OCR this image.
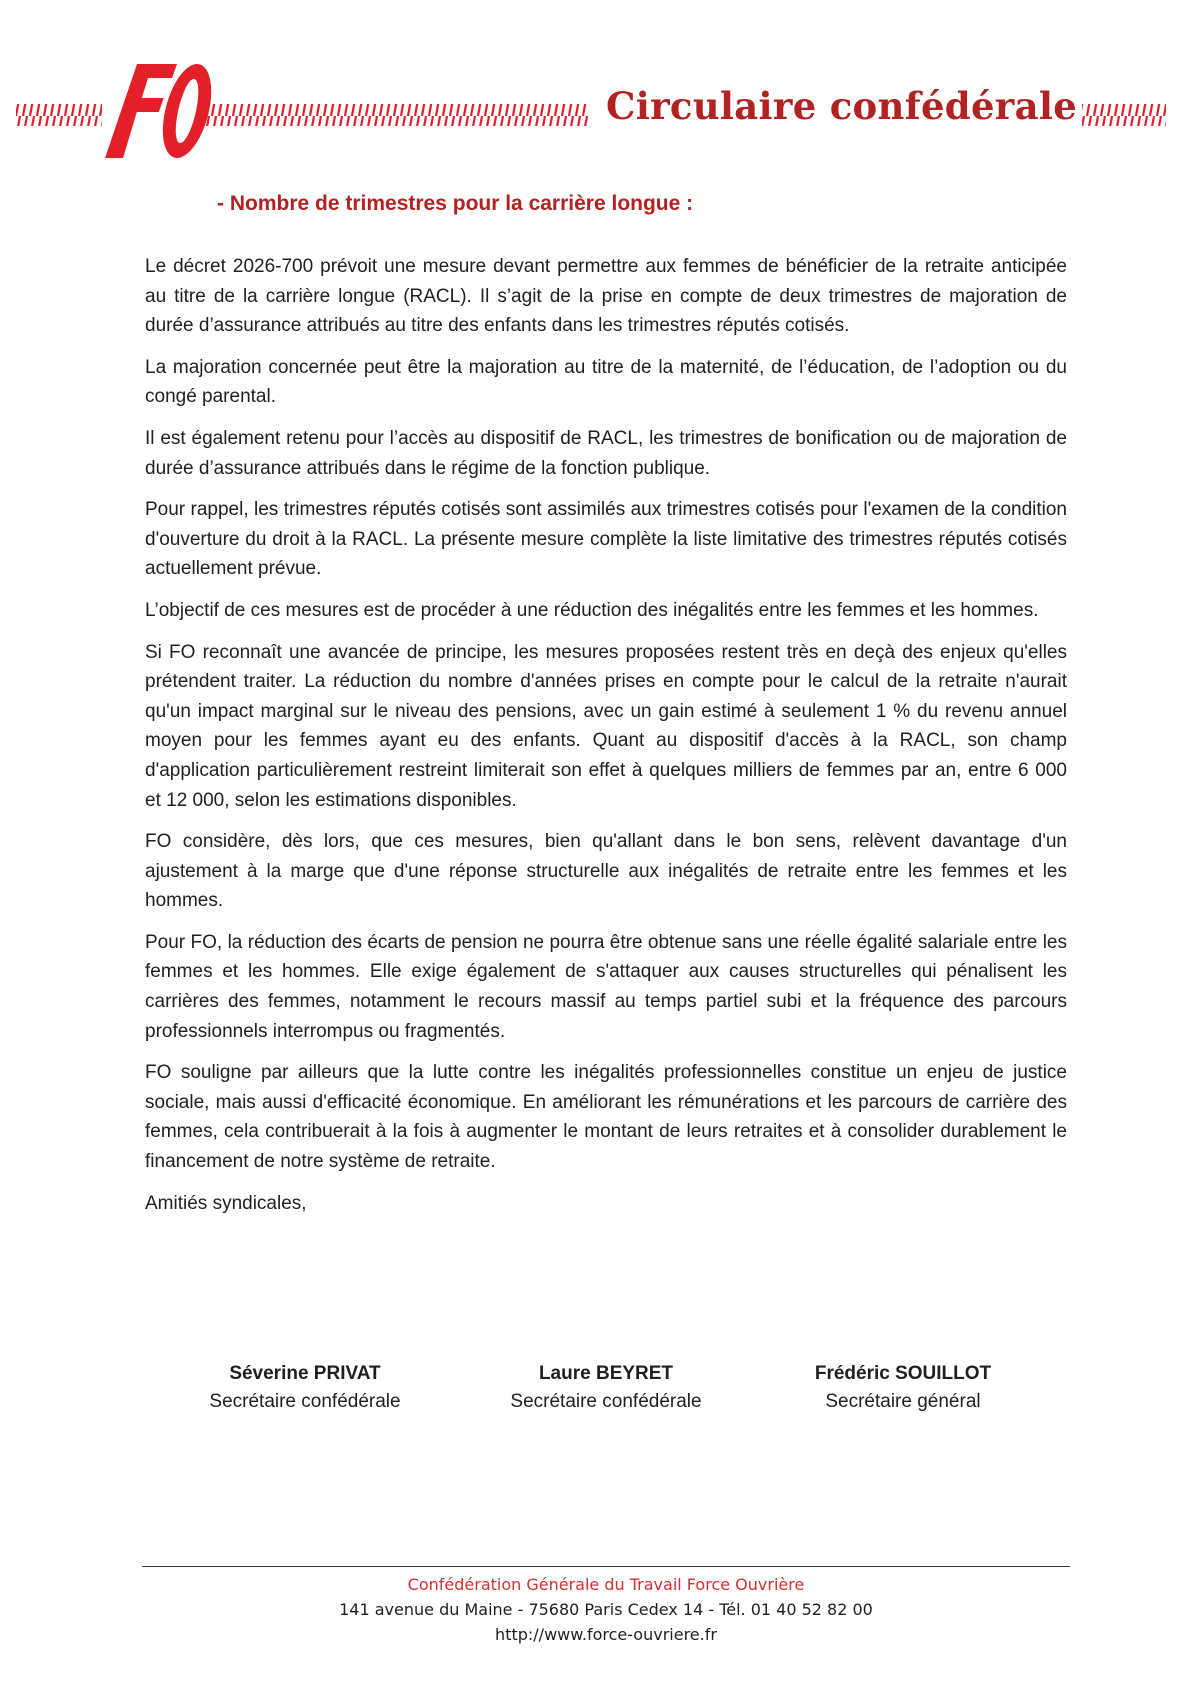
Circulaire confédérale
- Nombre de trimestres pour la carrière longue :

Le décret 2026-700 prévoit une mesure devant permettre aux femmes de bénéficier de la retraite anticipée au titre de la carrière longue (RACL). Il s’agit de la prise en compte de deux trimestres de majoration de durée d’assurance attribués au titre des enfants dans les trimestres réputés cotisés.

La majoration concernée peut être la majoration au titre de la maternité, de l’éducation, de l’adoption ou du congé parental.

Il est également retenu pour l’accès au dispositif de RACL, les trimestres de bonification ou de majoration de durée d’assurance attribués dans le régime de la fonction publique.

Pour rappel, les trimestres réputés cotisés sont assimilés aux trimestres cotisés pour l'examen de la condition d'ouverture du droit à la RACL. La présente mesure complète la liste limitative des trimestres réputés cotisés actuellement prévue.

L’objectif de ces mesures est de procéder à une réduction des inégalités entre les femmes et les hommes.

Si FO reconnaît une avancée de principe, les mesures proposées restent très en deçà des enjeux qu'elles prétendent traiter. La réduction du nombre d'années prises en compte pour le calcul de la retraite n'aurait qu'un impact marginal sur le niveau des pensions, avec un gain estimé à seulement 1 % du revenu annuel moyen pour les femmes ayant eu des enfants. Quant au dispositif d'accès à la RACL, son champ d'application particulièrement restreint limiterait son effet à quelques milliers de femmes par an, entre 6 000 et 12 000, selon les estimations disponibles.

FO considère, dès lors, que ces mesures, bien qu'allant dans le bon sens, relèvent davantage d'un ajustement à la marge que d'une réponse structurelle aux inégalités de retraite entre les femmes et les hommes.

Pour FO, la réduction des écarts de pension ne pourra être obtenue sans une réelle égalité salariale entre les femmes et les hommes. Elle exige également de s'attaquer aux causes structurelles qui pénalisent les carrières des femmes, notamment le recours massif au temps partiel subi et la fréquence des parcours professionnels interrompus ou fragmentés.

FO souligne par ailleurs que la lutte contre les inégalités professionnelles constitue un enjeu de justice sociale, mais aussi d'efficacité économique. En améliorant les rémunérations et les parcours de carrière des femmes, cela contribuerait à la fois à augmenter le montant de leurs retraites et à consolider durablement le financement de notre système de retraite.

Amitiés syndicales,

Séverine PRIVAT
Secrétaire confédérale
Laure BEYRET
Secrétaire confédérale
Frédéric SOUILLOT
Secrétaire général
Confédération Générale du Travail Force Ouvrière
141 avenue du Maine - 75680 Paris Cedex 14 - Tél. 01 40 52 82 00
http://www.force-ouvriere.fr
